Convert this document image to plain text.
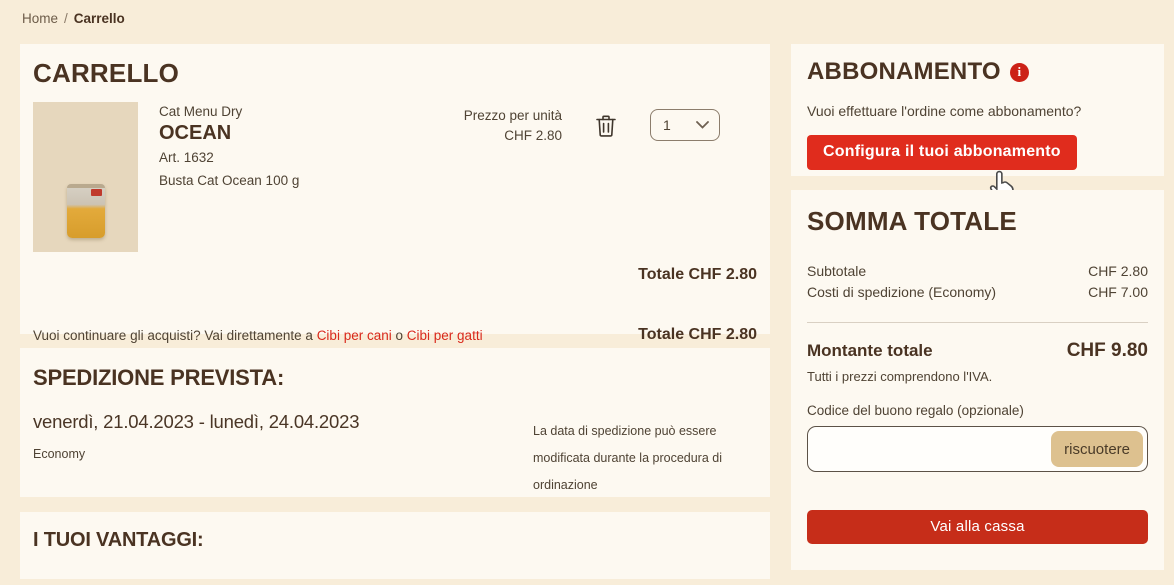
Home / Carrello
CARRELLO
Cat Menu Dry
OCEAN
Art. 1632
Busta Cat Ocean 100 g
Prezzo per unità
CHF 2.80
1
Totale CHF 2.80
Vuoi continuare gli acquisti? Vai direttamente a Cibi per cani o Cibi per gatti	Totale CHF 2.80
SPEDIZIONE PREVISTA:
venerdì, 21.04.2023 - lunedì, 24.04.2023
Economy
La data di spedizione può essere modificata durante la procedura di ordinazione
I TUOI VANTAGGI:
ABBONAMENTO	i
Vuoi effettuare l'ordine come abbonamento?
Configura il tuoi abbonamento
SOMMA TOTALE
Subtotale	CHF 2.80
Costi di spedizione (Economy)	CHF 7.00
Montante totale	CHF 9.80
Tutti i prezzi comprendono l'IVA.
Codice del buono regalo (opzionale)
riscuotere
Vai alla cassa
